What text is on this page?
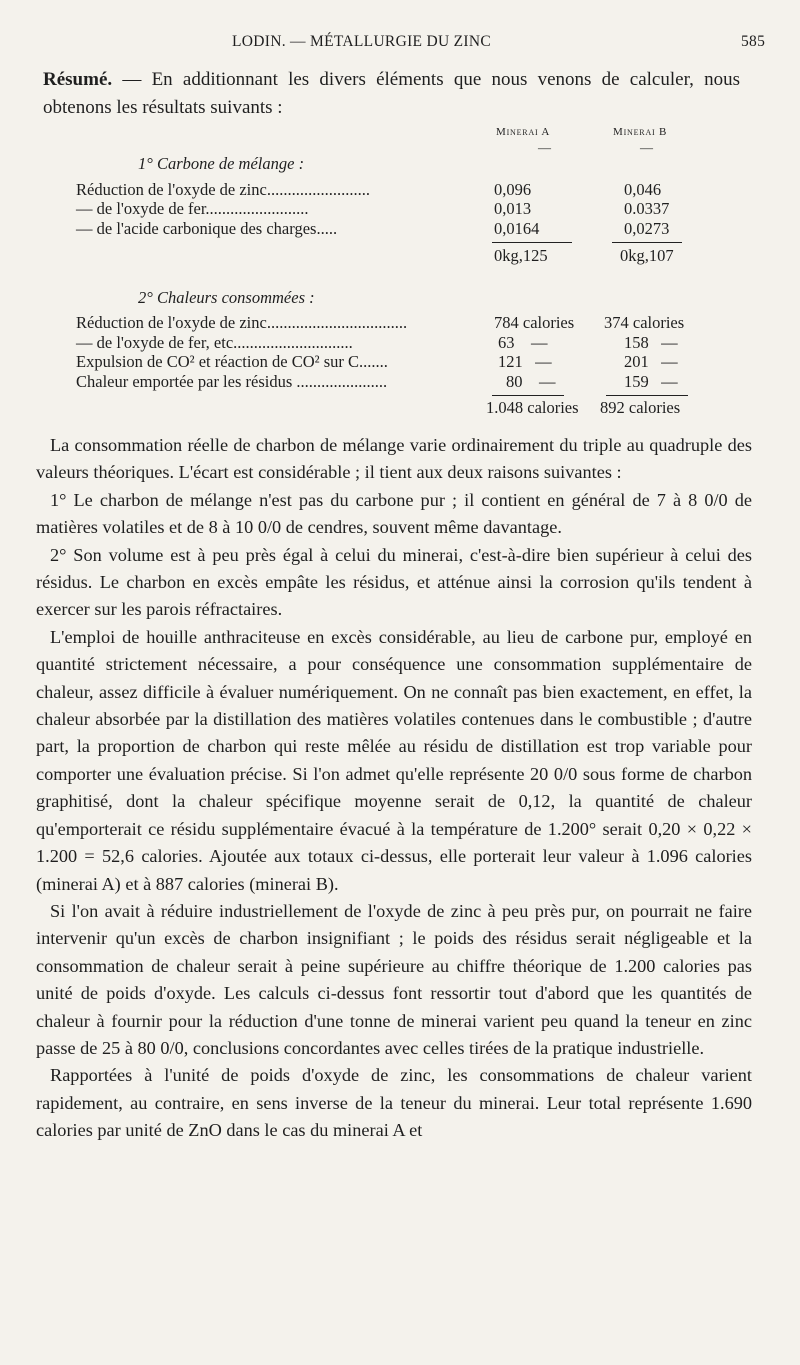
LODIN. — MÉTALLURGIE DU ZINC	585
Résumé. — En additionnant les divers éléments que nous venons de calculer, nous obtenons les résultats suivants :
Minerai A	Minerai B
—	—
1° Carbone de mélange :
Réduction de l'oxyde de zinc.........................	0,096	0,046
— de l'oxyde de fer.........................	0,013	0.0337
— de l'acide carbonique des charges.....	0,0164	0,0273
0kg,125	0kg,107
2° Chaleurs consommées :
Réduction de l'oxyde de zinc..................................	784 calories 374 calories
— de l'oxyde de fer, etc.............................	63    —	158   —
Expulsion de CO² et réaction de CO² sur C.......	121   —	201   —
Chaleur emportée par les résidus ......................	80    —	159   —
1.048 calories 892 calories

La consommation réelle de charbon de mélange varie ordinairement du triple au quadruple des valeurs théoriques. L'écart est considérable ; il tient aux deux raisons suivantes :

1° Le charbon de mélange n'est pas du carbone pur ; il contient en général de 7 à 8 0/0 de matières volatiles et de 8 à 10 0/0 de cendres, souvent même davantage.

2° Son volume est à peu près égal à celui du minerai, c'est-à-dire bien supérieur à celui des résidus. Le charbon en excès empâte les résidus, et atténue ainsi la corrosion qu'ils tendent à exercer sur les parois réfractaires.

L'emploi de houille anthraciteuse en excès considérable, au lieu de carbone pur, employé en quantité strictement nécessaire, a pour conséquence une consommation supplémentaire de chaleur, assez difficile à évaluer numériquement. On ne connaît pas bien exactement, en effet, la chaleur absorbée par la distillation des matières volatiles contenues dans le combustible ; d'autre part, la proportion de charbon qui reste mêlée au résidu de distillation est trop variable pour comporter une évaluation précise. Si l'on admet qu'elle représente 20 0/0 sous forme de charbon graphitisé, dont la chaleur spécifique moyenne serait de 0,12, la quantité de chaleur qu'emporterait ce résidu supplémentaire évacué à la température de 1.200° serait 0,20 × 0,22 × 1.200 = 52,6 calories. Ajoutée aux totaux ci-dessus, elle porterait leur valeur à 1.096 calories (minerai A) et à 887 calories (minerai B).

Si l'on avait à réduire industriellement de l'oxyde de zinc à peu près pur, on pourrait ne faire intervenir qu'un excès de charbon insignifiant ; le poids des résidus serait négligeable et la consommation de chaleur serait à peine supérieure au chiffre théorique de 1.200 calories pas unité de poids d'oxyde. Les calculs ci-dessus font ressortir tout d'abord que les quantités de chaleur à fournir pour la réduction d'une tonne de minerai varient peu quand la teneur en zinc passe de 25 à 80 0/0, conclusions concordantes avec celles tirées de la pratique industrielle.

Rapportées à l'unité de poids d'oxyde de zinc, les consommations de chaleur varient rapidement, au contraire, en sens inverse de la teneur du minerai. Leur total représente 1.690 calories par unité de ZnO dans le cas du minerai A et
